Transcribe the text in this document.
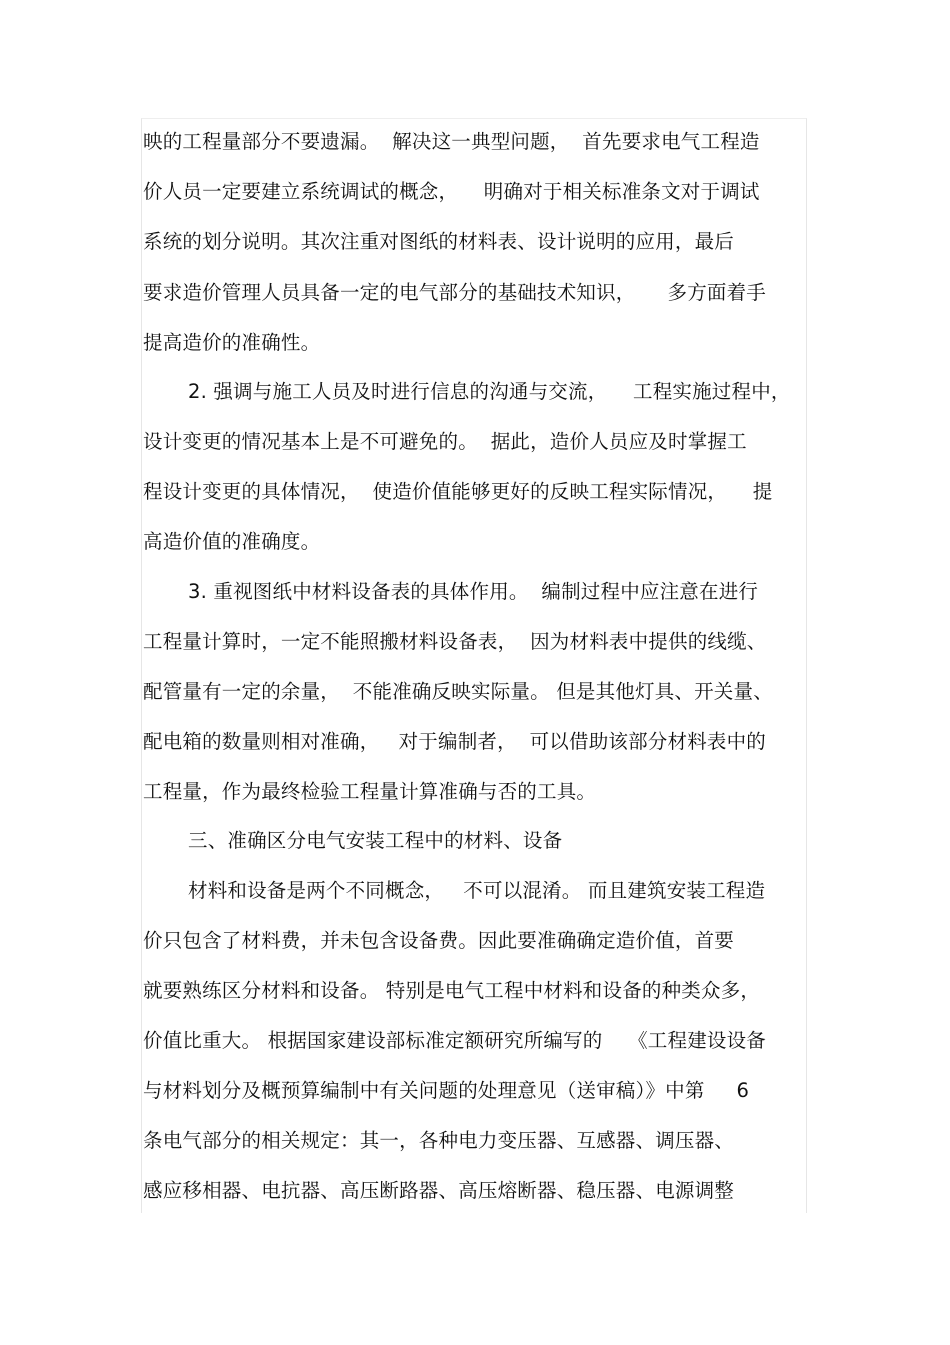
映的工程量部分不要遗漏。  解决这一典型问题，  首先要求电气工程造
价人员一定要建立系统调试的概念，    明确对于相关标准条文对于调试
系统的划分说明。其次注重对图纸的材料表、设计说明的应用，最后
要求造价管理人员具备一定的电气部分的基础技术知识，     多方面着手
提高造价的准确性。
2. 强调与施工人员及时进行信息的沟通与交流，    工程实施过程中，
设计变更的情况基本上是不可避免的。  据此，造价人员应及时掌握工
程设计变更的具体情况，  使造价值能够更好的反映工程实际情况，    提
高造价值的准确度。
3. 重视图纸中材料设备表的具体作用。  编制过程中应注意在进行
工程量计算时，一定不能照搬材料设备表，  因为材料表中提供的线缆、
配管量有一定的余量，  不能准确反映实际量。 但是其他灯具、开关量、
配电箱的数量则相对准确，   对于编制者，  可以借助该部分材料表中的
工程量，作为最终检验工程量计算准确与否的工具。
三、准确区分电气安装工程中的材料、设备
材料和设备是两个不同概念，   不可以混淆。 而且建筑安装工程造
价只包含了材料费，并未包含设备费。因此要准确确定造价值，首要
就要熟练区分材料和设备。 特别是电气工程中材料和设备的种类众多，
价值比重大。 根据国家建设部标准定额研究所编写的    《工程建设设备
与材料划分及概预算编制中有关问题的处理意见（送审稿）》中第     6
条电气部分的相关规定：其一，各种电力变压器、互感器、调压器、
感应移相器、电抗器、高压断路器、高压熔断器、稳压器、电源调整
